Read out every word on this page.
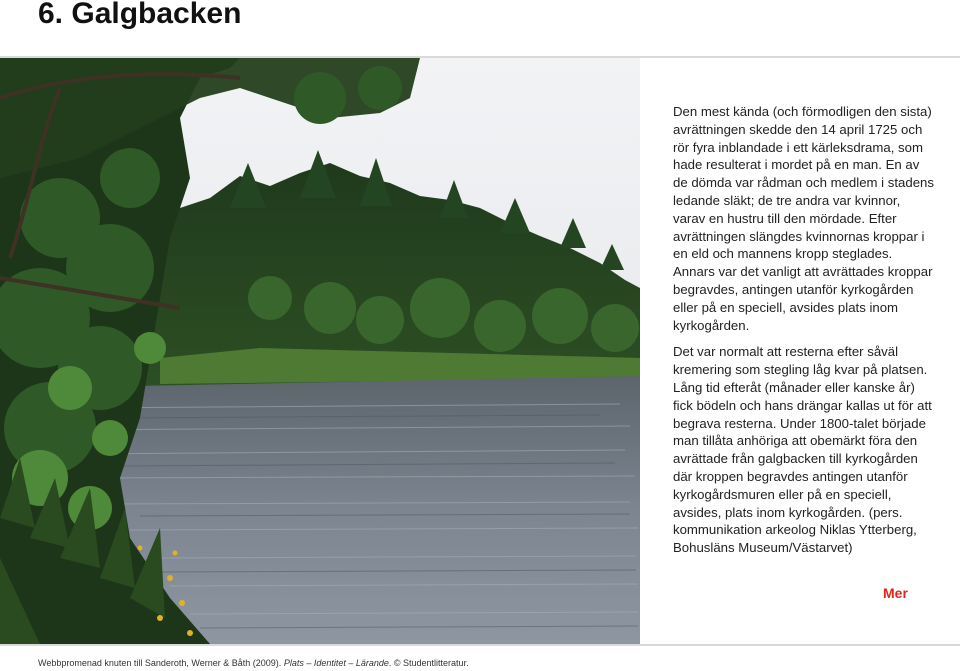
6. Galgbacken

Den mest kända (och förmodligen den sista) avrättningen skedde den 14 april 1725 och rör fyra inblandade i ett kärleksdrama, som hade resulterat i mordet på en man. En av de dömda var rådman och medlem i stadens ledande släkt; de tre andra var kvinnor, varav en hustru till den mördade. Efter avrättningen slängdes kvinnornas kroppar i en eld och mannens kropp steglades. Annars var det vanligt att avrättades kroppar begravdes, antingen utanför kyrkogården eller på en speciell, avsides plats inom kyrkogården.

Det var normalt att resterna efter såväl kremering som stegling låg kvar på platsen. Lång tid efteråt (månader eller kanske år) fick bödeln och hans drängar kallas ut för att begrava resterna. Under 1800-talet började man tillåta anhöriga att obemärkt föra den avrättade från galgbacken till kyrkogården där kroppen begravdes antingen utanför kyrkogårdsmuren eller på en speciell, avsides, plats inom kyrkogården. (pers. kommunikation arkeolog Niklas Ytterberg, Bohusläns Museum/Västarvet)

Mer
Webbpromenad knuten till Sanderoth, Werner & Båth (2009). Plats – Identitet – Lärande. © Studentlitteratur.
